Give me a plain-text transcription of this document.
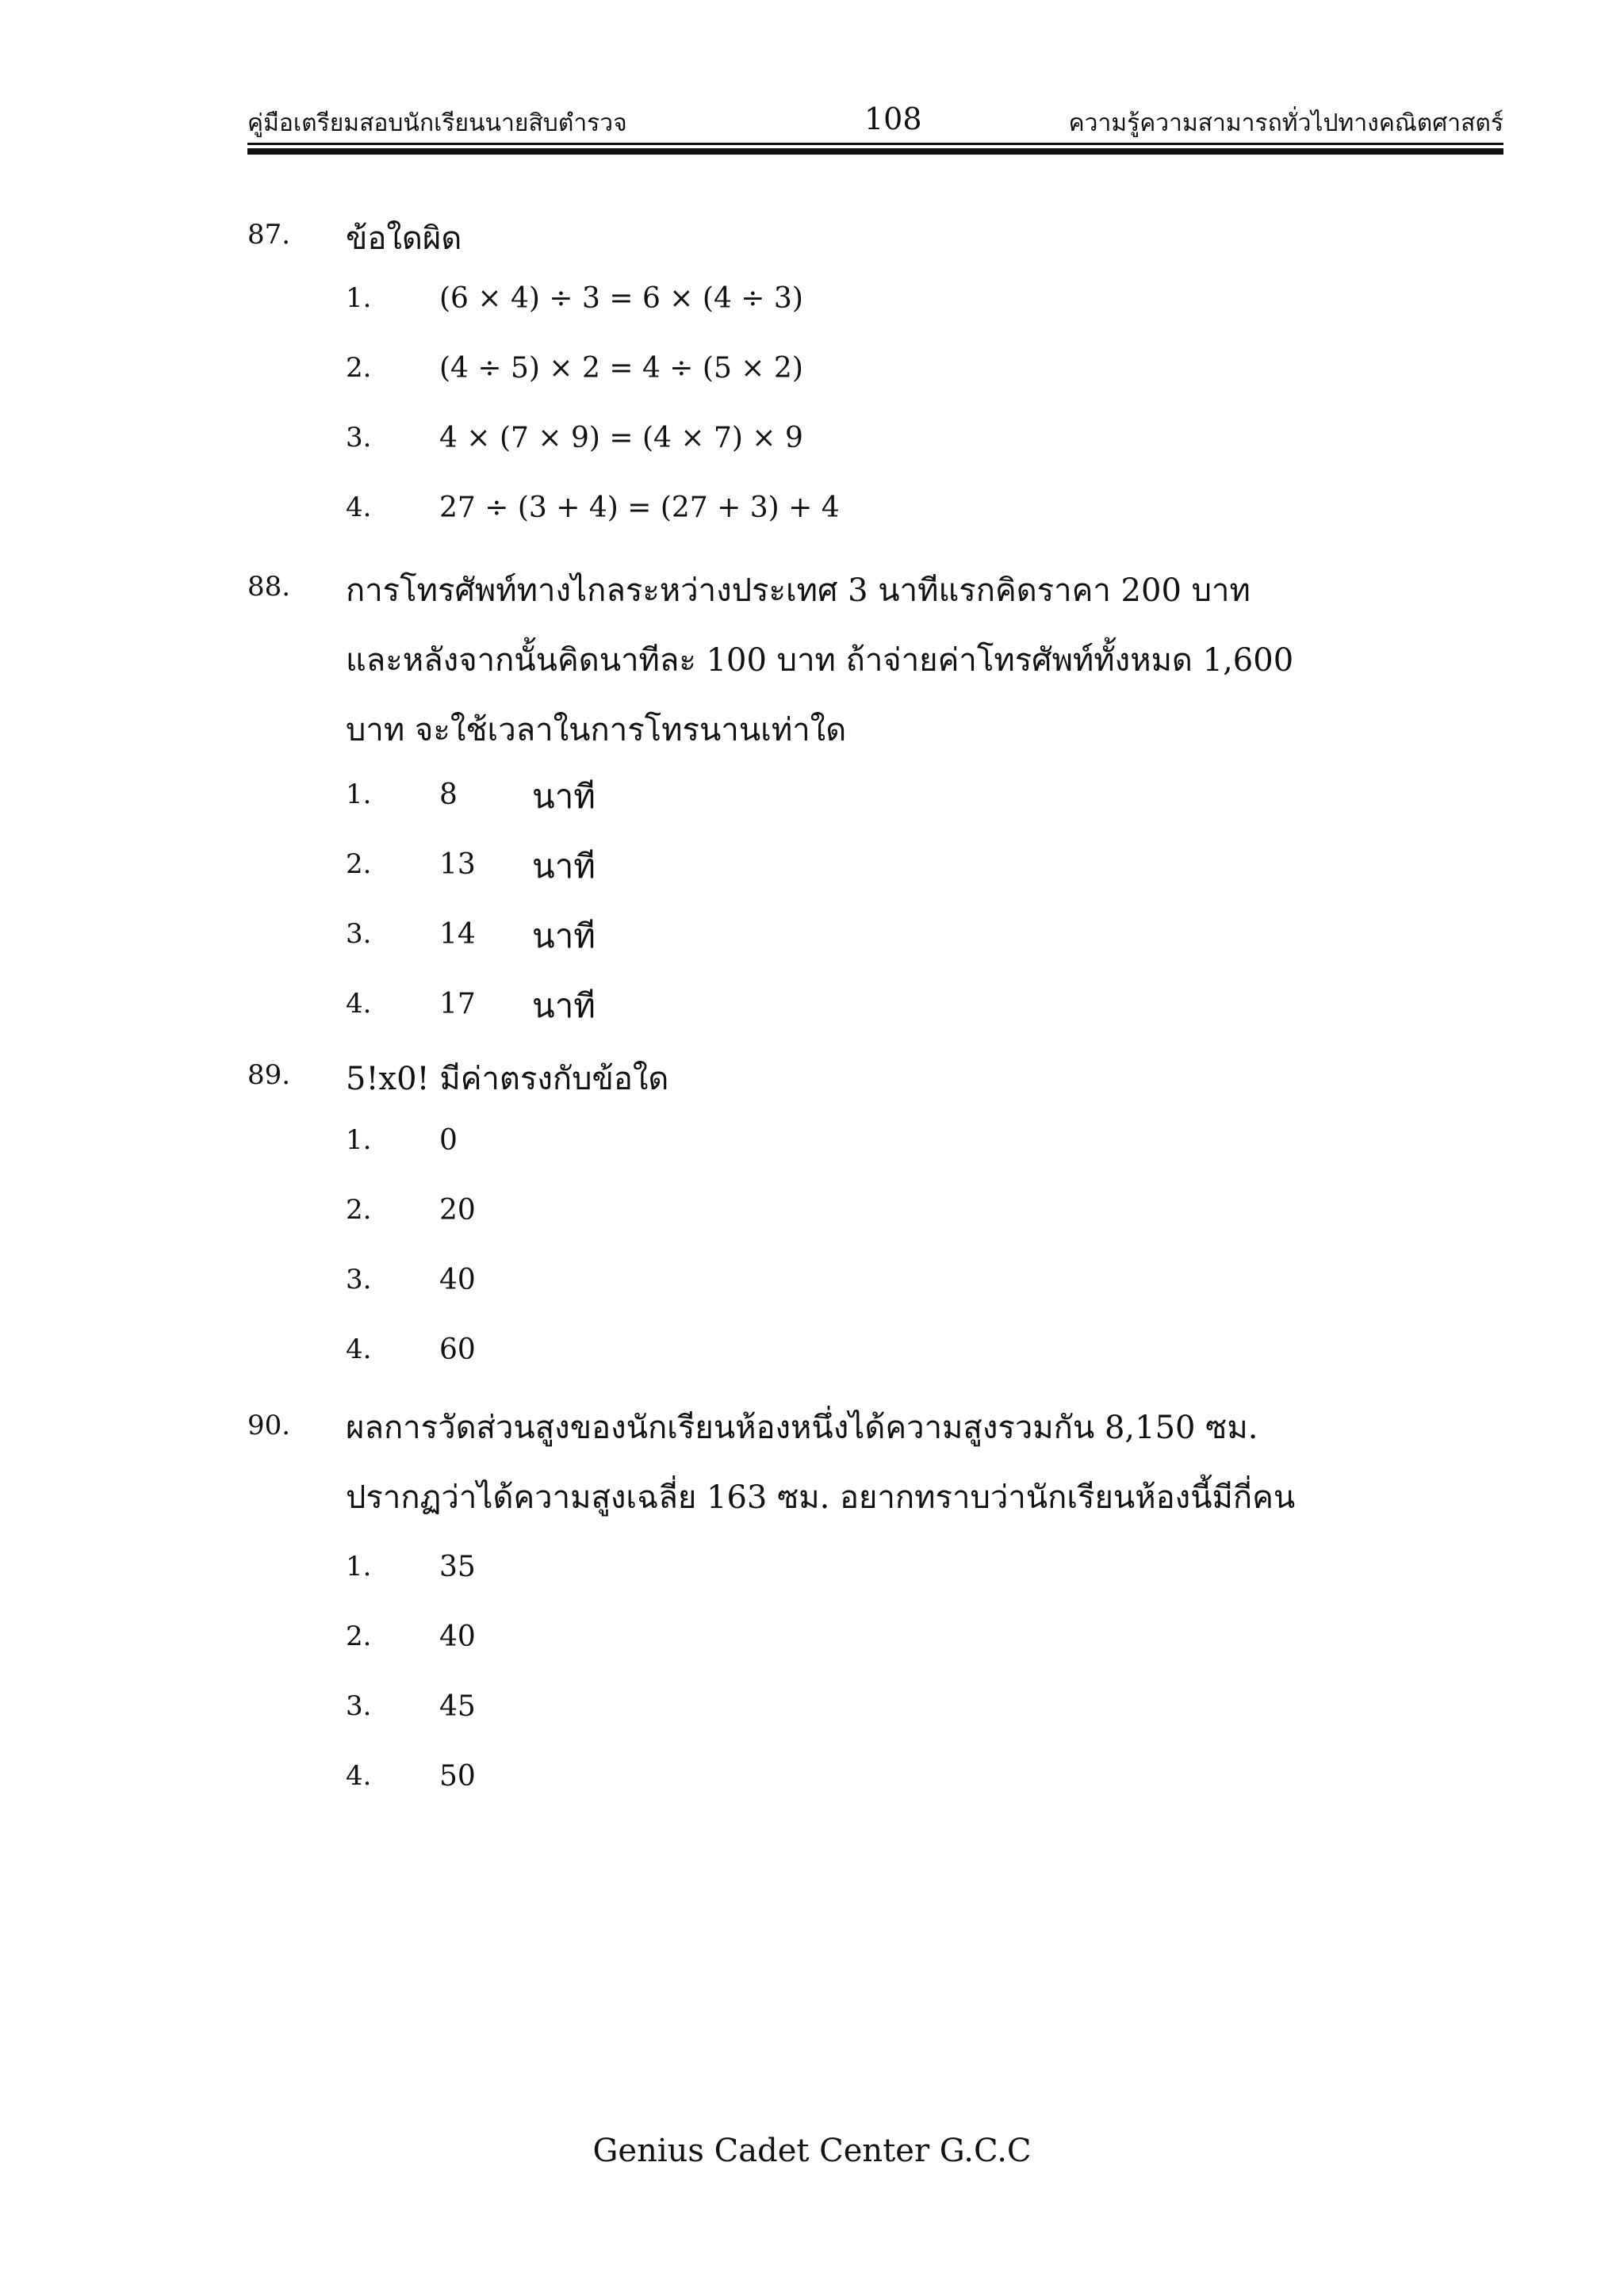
คู่มือเตรียมสอบนักเรียนนายสิบตำรวจ	108	ความรู้ความสามารถทั่วไปทางคณิตศาสตร์
87. ข้อใดผิด
1. (6 × 4) ÷ 3 = 6 × (4 ÷ 3)
2. (4 ÷ 5) × 2 = 4 ÷ (5 × 2)
3. 4 × (7 × 9) = (4 × 7) × 9
4. 27 ÷ (3 + 4) = (27 + 3) + 4
88. การโทรศัพท์ทางไกลระหว่างประเทศ 3 นาทีแรกคิดราคา 200 บาท
และหลังจากนั้นคิดนาทีละ 100 บาท ถ้าจ่ายค่าโทรศัพท์ทั้งหมด 1,600
บาท จะใช้เวลาในการโทรนานเท่าใด
1. 8 นาที
2. 13 นาที
3. 14 นาที
4. 17 นาที
89. 5!x0! มีค่าตรงกับข้อใด
1. 0
2. 20
3. 40
4. 60
90. ผลการวัดส่วนสูงของนักเรียนห้องหนึ่งได้ความสูงรวมกัน 8,150 ซม.
ปรากฏว่าได้ความสูงเฉลี่ย 163 ซม. อยากทราบว่านักเรียนห้องนี้มีกี่คน
1. 35
2. 40
3. 45
4. 50
Genius Cadet Center G.C.C
